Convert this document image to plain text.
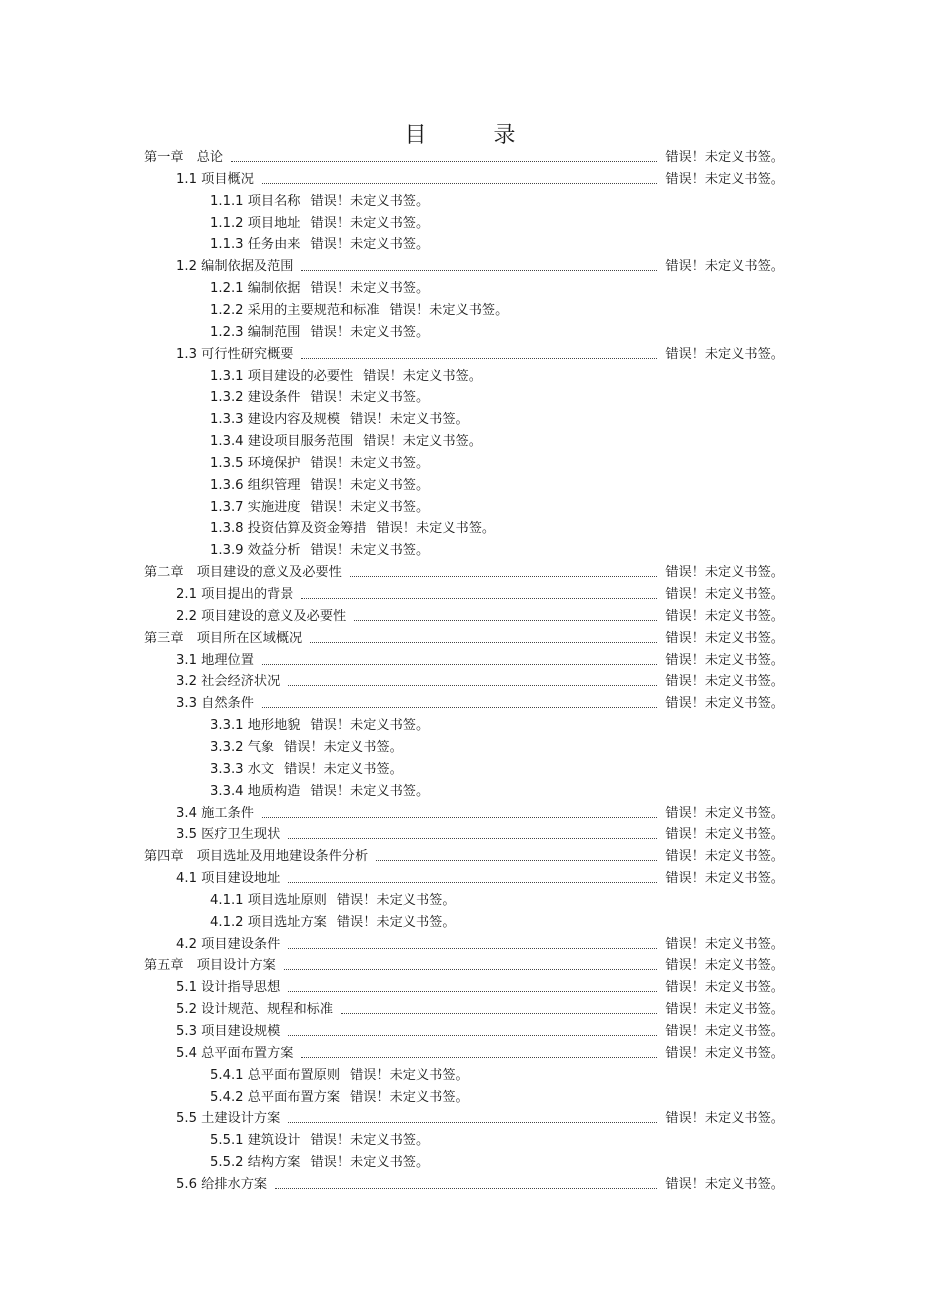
目 录
第一章　总论	错误！未定义书签。
1.1 项目概况	错误！未定义书签。
1.1.1 项目名称 错误！未定义书签。
1.1.2 项目地址 错误！未定义书签。
1.1.3 任务由来 错误！未定义书签。
1.2 编制依据及范围	错误！未定义书签。
1.2.1 编制依据 错误！未定义书签。
1.2.2 采用的主要规范和标准 错误！未定义书签。
1.2.3 编制范围 错误！未定义书签。
1.3 可行性研究概要	错误！未定义书签。
1.3.1 项目建设的必要性 错误！未定义书签。
1.3.2 建设条件 错误！未定义书签。
1.3.3 建设内容及规模 错误！未定义书签。
1.3.4 建设项目服务范围 错误！未定义书签。
1.3.5 环境保护 错误！未定义书签。
1.3.6 组织管理 错误！未定义书签。
1.3.7 实施进度 错误！未定义书签。
1.3.8 投资估算及资金筹措 错误！未定义书签。
1.3.9 效益分析 错误！未定义书签。
第二章　项目建设的意义及必要性	错误！未定义书签。
2.1 项目提出的背景	错误！未定义书签。
2.2 项目建设的意义及必要性	错误！未定义书签。
第三章　项目所在区域概况	错误！未定义书签。
3.1 地理位置	错误！未定义书签。
3.2 社会经济状况	错误！未定义书签。
3.3 自然条件	错误！未定义书签。
3.3.1 地形地貌 错误！未定义书签。
3.3.2 气象 错误！未定义书签。
3.3.3 水文 错误！未定义书签。
3.3.4 地质构造 错误！未定义书签。
3.4 施工条件	错误！未定义书签。
3.5 医疗卫生现状	错误！未定义书签。
第四章　项目选址及用地建设条件分析	错误！未定义书签。
4.1 项目建设地址	错误！未定义书签。
4.1.1 项目选址原则 错误！未定义书签。
4.1.2 项目选址方案 错误！未定义书签。
4.2 项目建设条件	错误！未定义书签。
第五章　项目设计方案	错误！未定义书签。
5.1 设计指导思想	错误！未定义书签。
5.2 设计规范、规程和标准	错误！未定义书签。
5.3 项目建设规模	错误！未定义书签。
5.4 总平面布置方案	错误！未定义书签。
5.4.1 总平面布置原则 错误！未定义书签。
5.4.2 总平面布置方案 错误！未定义书签。
5.5 土建设计方案	错误！未定义书签。
5.5.1 建筑设计 错误！未定义书签。
5.5.2 结构方案 错误！未定义书签。
5.6 给排水方案	错误！未定义书签。
